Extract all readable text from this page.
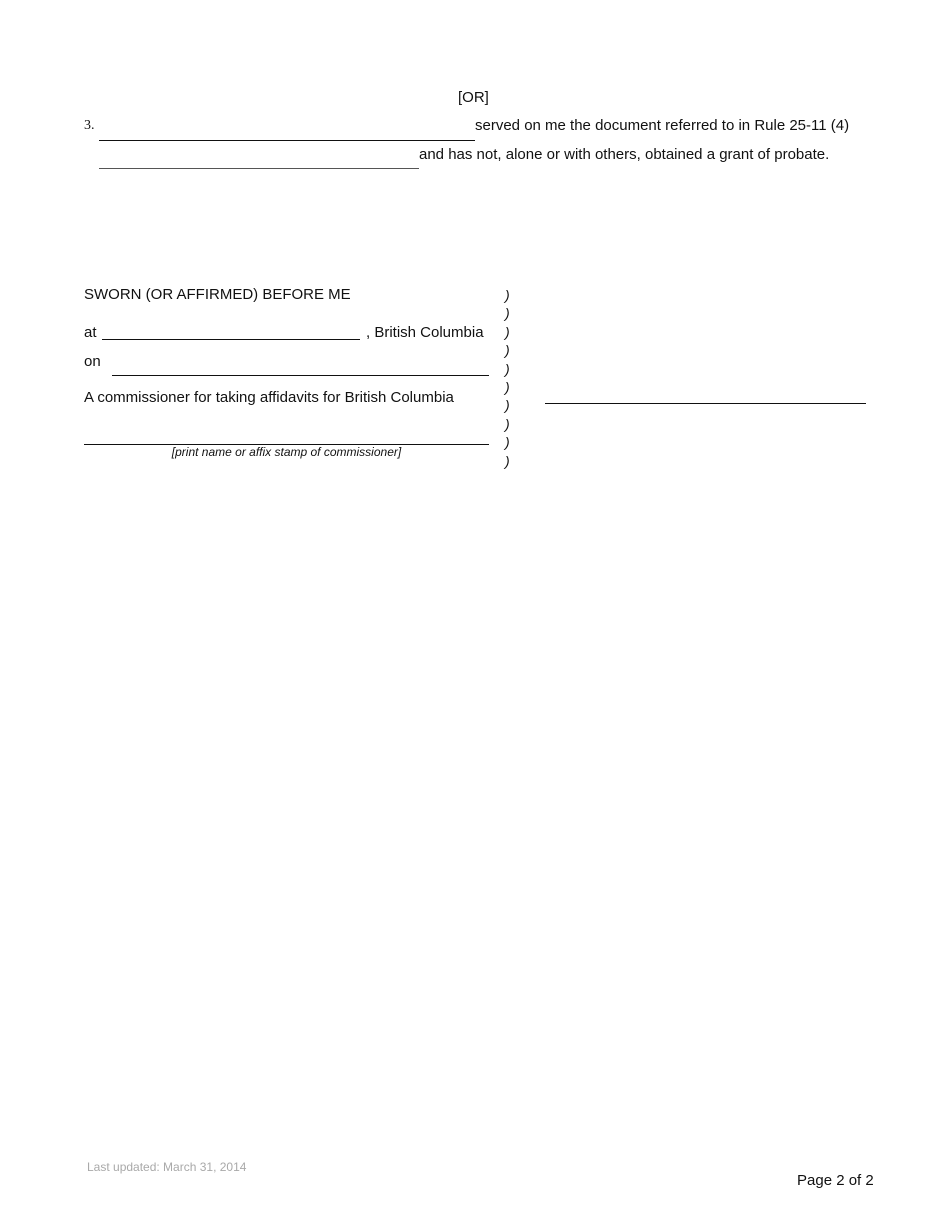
[OR]
3.	served on me the document referred to in Rule 25-11 (4)
and has not, alone or with others, obtained a grant of probate.
SWORN (OR AFFIRMED) BEFORE ME
at	, British Columbia
on
A commissioner for taking affidavits for British Columbia
[print name or affix stamp of commissioner]
)
)
)
)
)
)
)
)
)
)
Last updated: March 31, 2014
Page 2 of 2
